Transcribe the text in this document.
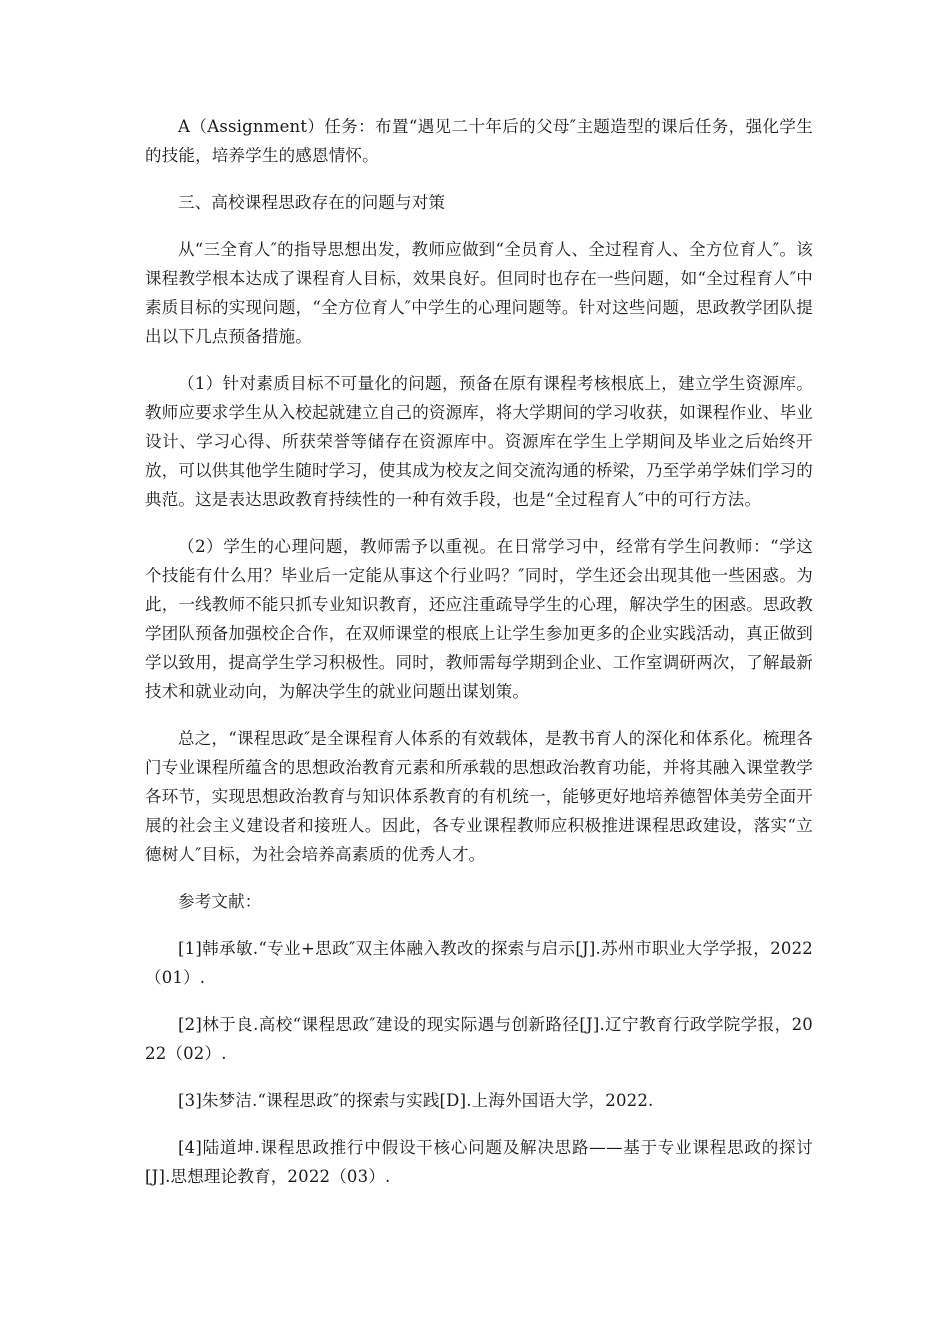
A（Assignment）任务：布置“遇见二十年后的父母″主题造型的课后任务，强化学生的技能，培养学生的感恩情怀。

三、高校课程思政存在的问题与对策

从“三全育人″的指导思想出发，教师应做到“全员育人、全过程育人、全方位育人″。该课程教学根本达成了课程育人目标，效果良好。但同时也存在一些问题，如“全过程育人″中素质目标的实现问题，“全方位育人″中学生的心理问题等。针对这些问题，思政教学团队提出以下几点预备措施。

（1）针对素质目标不可量化的问题，预备在原有课程考核根底上，建立学生资源库。教师应要求学生从入校起就建立自己的资源库，将大学期间的学习收获，如课程作业、毕业设计、学习心得、所获荣誉等储存在资源库中。资源库在学生上学期间及毕业之后始终开放，可以供其他学生随时学习，使其成为校友之间交流沟通的桥梁，乃至学弟学妹们学习的典范。这是表达思政教育持续性的一种有效手段，也是“全过程育人″中的可行方法。

（2）学生的心理问题，教师需予以重视。在日常学习中，经常有学生问教师：“学这个技能有什么用？毕业后一定能从事这个行业吗？″同时，学生还会出现其他一些困惑。为此，一线教师不能只抓专业知识教育，还应注重疏导学生的心理，解决学生的困惑。思政教学团队预备加强校企合作，在双师课堂的根底上让学生参加更多的企业实践活动，真正做到学以致用，提高学生学习积极性。同时，教师需每学期到企业、工作室调研两次，了解最新技术和就业动向，为解决学生的就业问题出谋划策。

总之，“课程思政″是全课程育人体系的有效载体，是教书育人的深化和体系化。梳理各门专业课程所蕴含的思想政治教育元素和所承载的思想政治教育功能，并将其融入课堂教学各环节，实现思想政治教育与知识体系教育的有机统一，能够更好地培养德智体美劳全面开展的社会主义建设者和接班人。因此，各专业课程教师应积极推进课程思政建设，落实“立德树人″目标，为社会培养高素质的优秀人才。

参考文献：

[1]韩承敏.“专业+思政″双主体融入教改的探索与启示[J].苏州市职业大学学报，2022（01）.

[2]林于良.高校“课程思政″建设的现实际遇与创新路径[J].辽宁教育行政学院学报，2022（02）.

[3]朱梦洁.“课程思政″的探索与实践[D].上海外国语大学，2022.

[4]陆道坤.课程思政推行中假设干核心问题及解决思路——基于专业课程思政的探讨[J].思想理论教育，2022（03）.
